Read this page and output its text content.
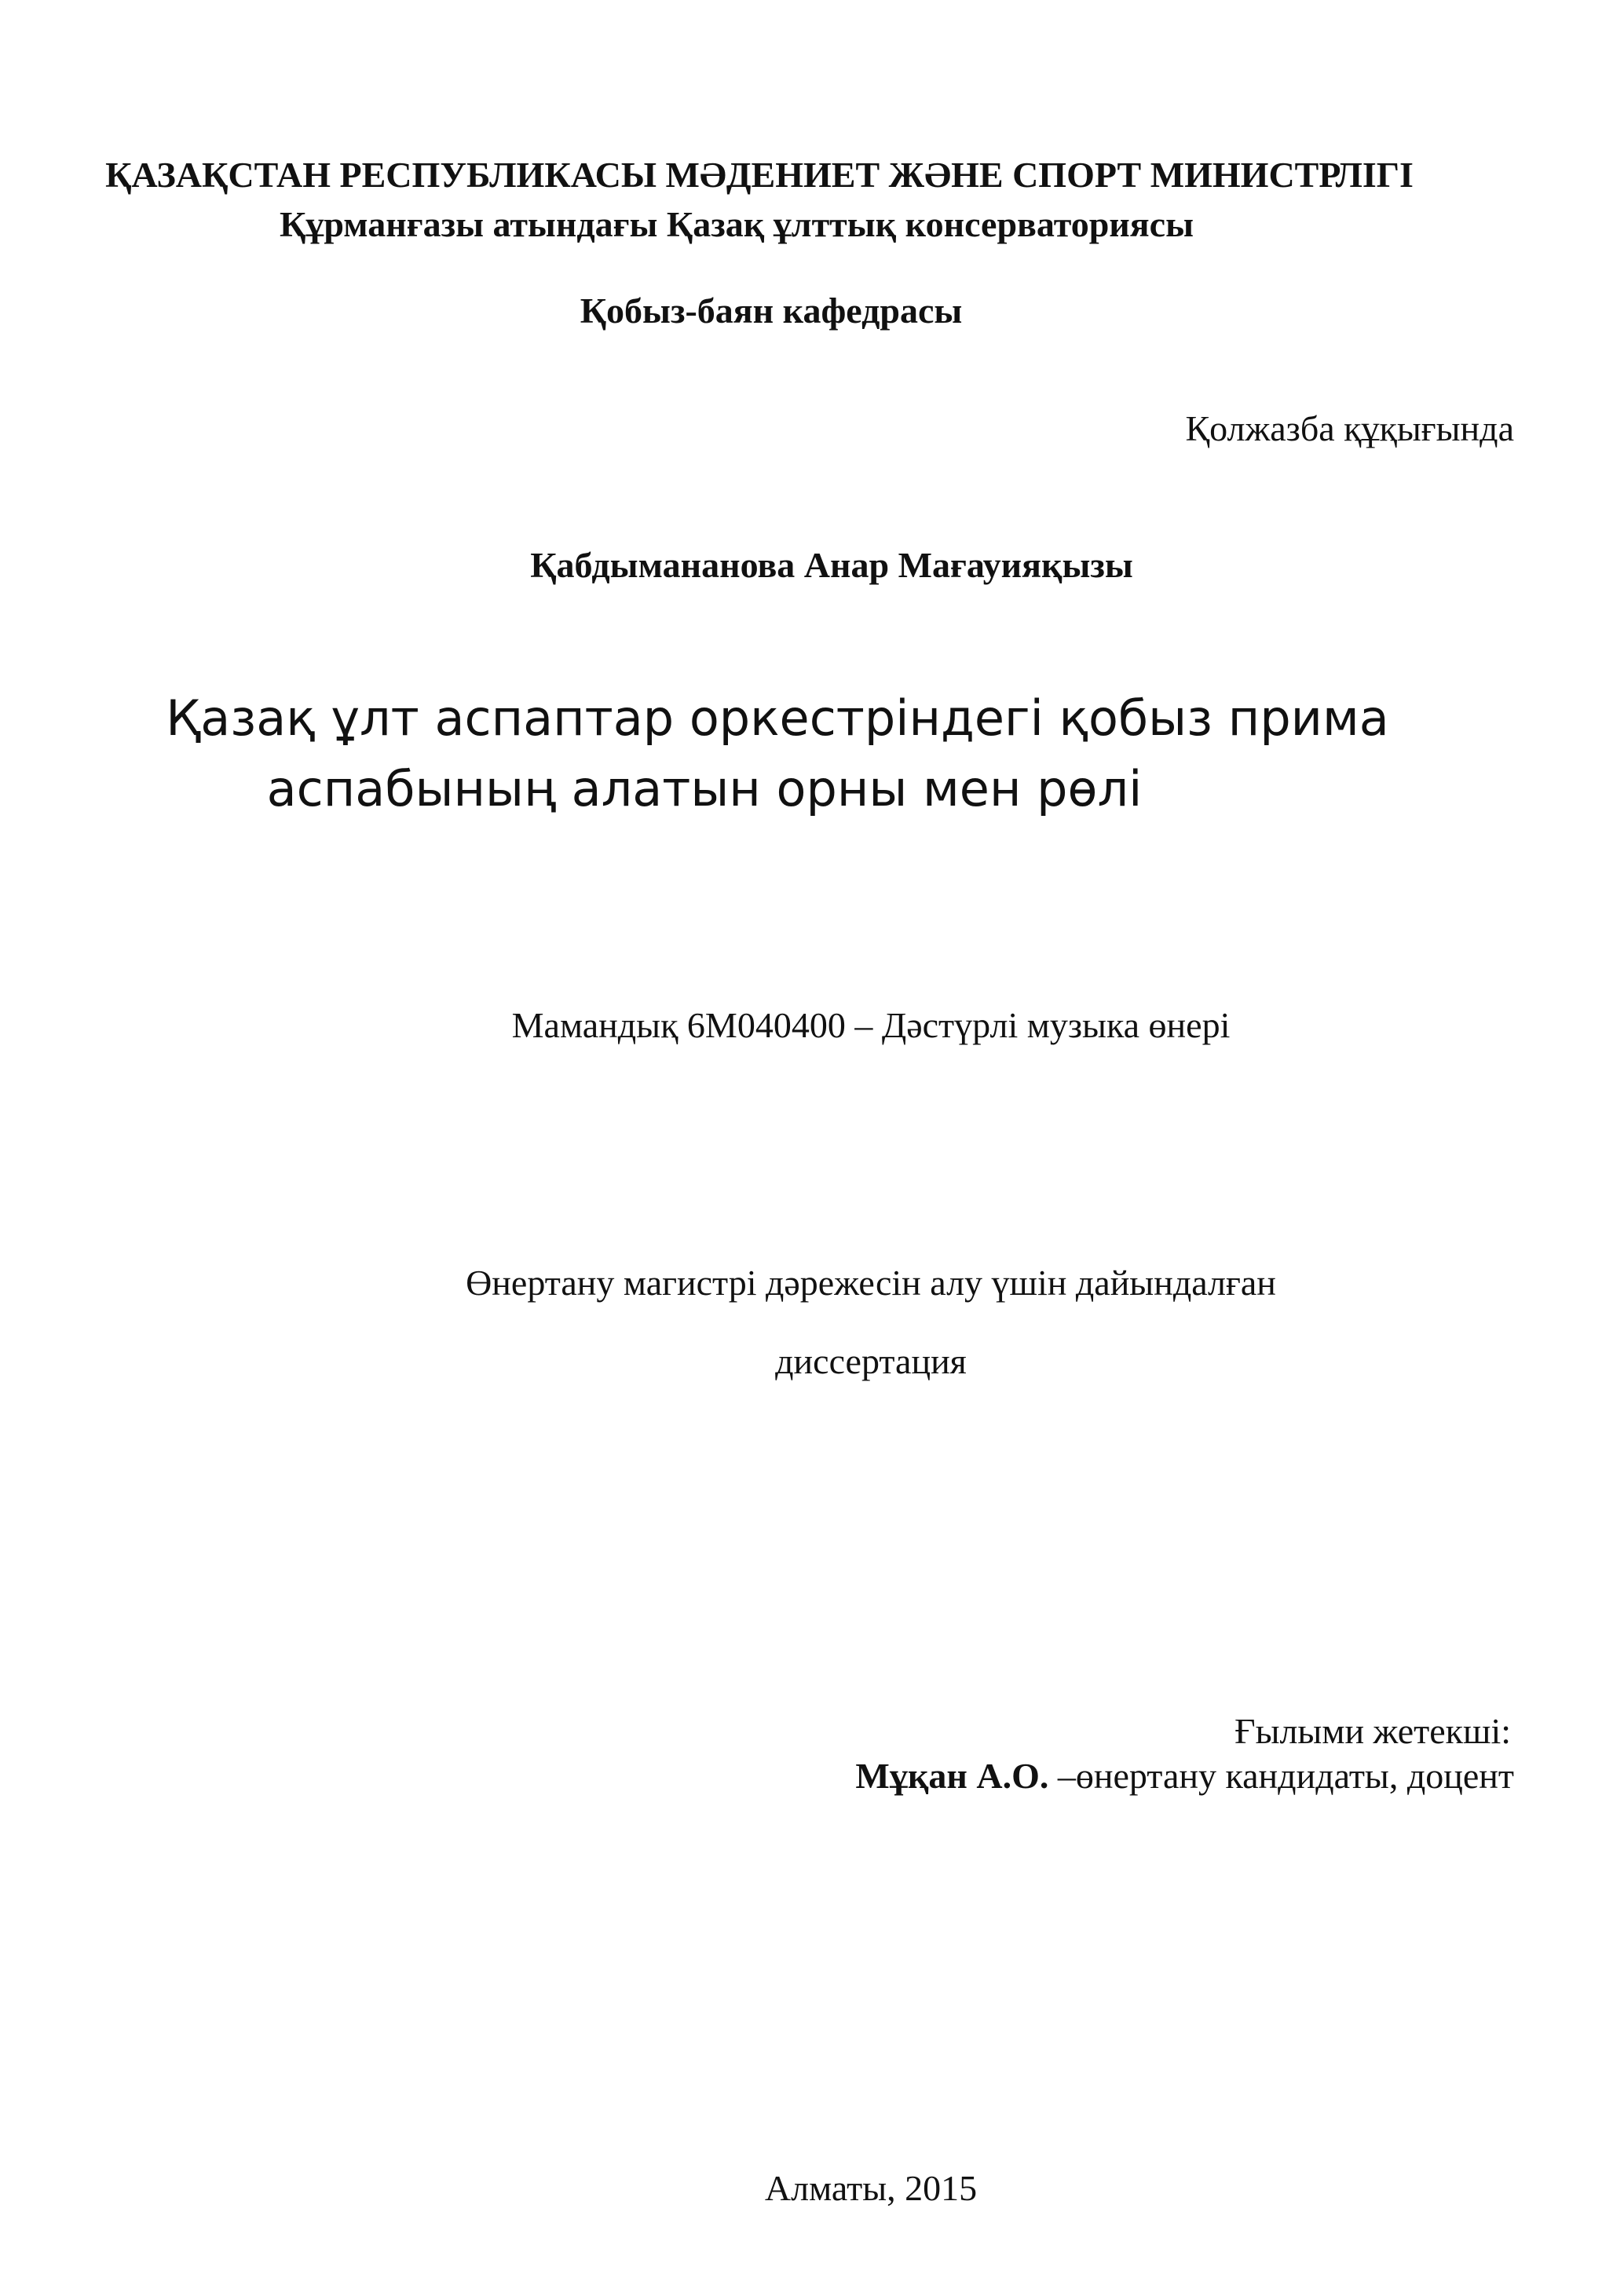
ҚАЗАҚСТАН РЕСПУБЛИКАСЫ МӘДЕНИЕТ ЖӘНЕ СПОРТ МИНИСТРЛІГІ
Құрманғазы атындағы Қазақ ұлттық консерваториясы
Қобыз-баян кафедрасы
Қолжазба құқығында
Қабдымананова Анар Мағауияқызы
Қазақ ұлт аспаптар оркестріндегі қобыз прима
аспабының алатын орны мен рөлі
Мамандық 6М040400 – Дәстүрлі музыка өнері
Өнертану магистрі дәрежесін алу үшін дайындалған
диссертация
Ғылыми жетекші:
Мұқан А.О. –өнертану кандидаты, доцент
Алматы, 2015
